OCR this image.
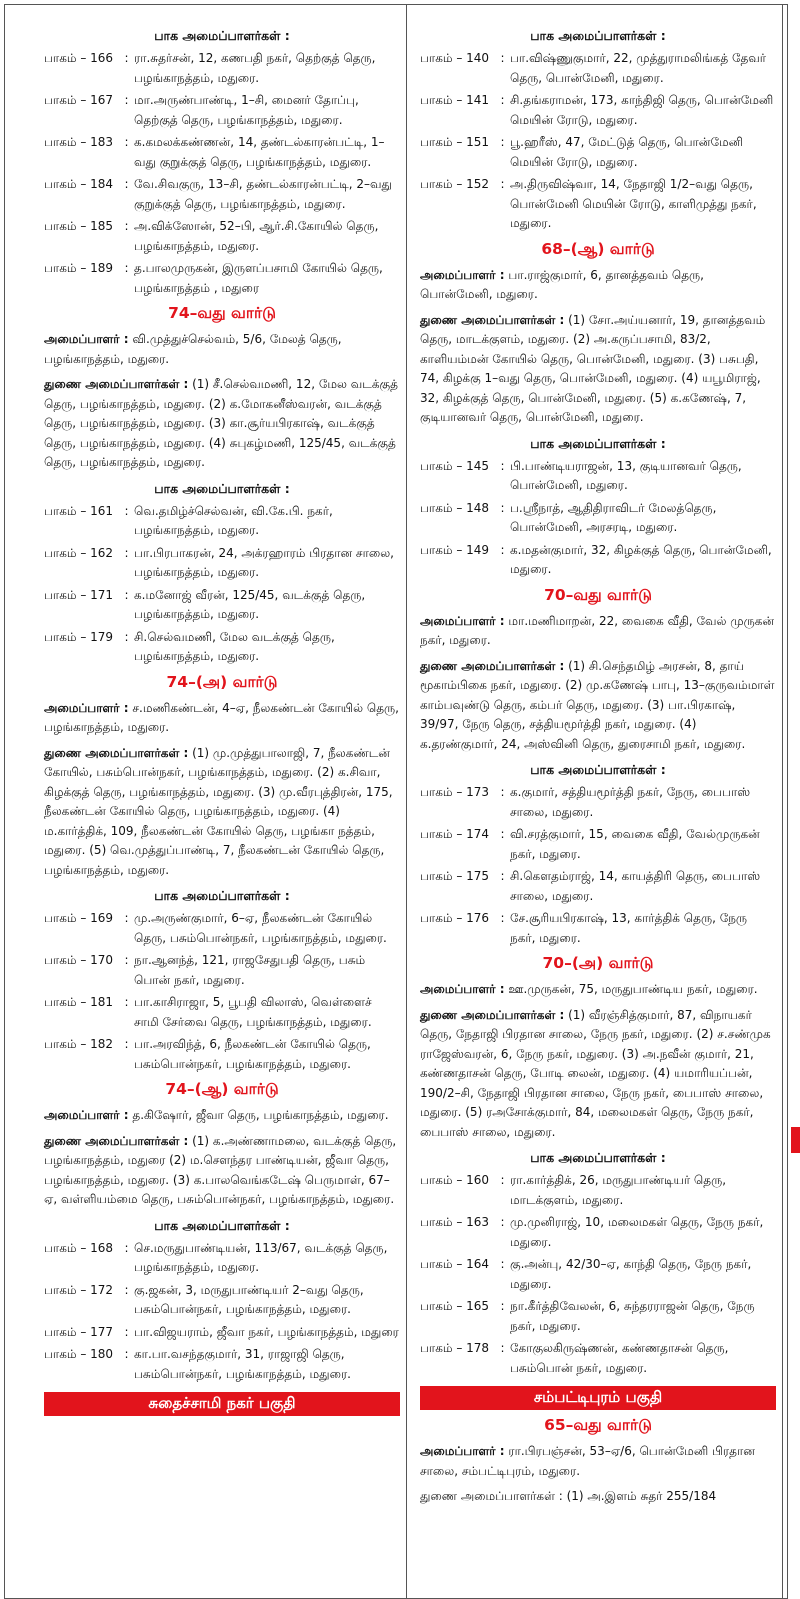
பாக அமைப்பாளர்கள் :
பாகம் – 166 : ரா.சுதர்சன், 12, கணபதி நகர், தெற்குத் தெரு, பழங்காநத்தம், மதுரை.
பாகம் – 167 : மா.அருண்பாண்டி, 1–சி, மைனர் தோப்பு, தெற்குத் தெரு, பழங்காநத்தம், மதுரை.
பாகம் – 183 : க.கமலக்கண்ணன், 14, தண்டல்காரன்பட்டி, 1–வது குறுக்குத் தெரு, பழங்காநத்தம், மதுரை.
பாகம் – 184 : வே.சிவகுரு, 13–சி, தண்டல்காரன்பட்டி, 2–வது குறுக்குத் தெரு, பழங்காநத்தம், மதுரை.
பாகம் – 185 : அ.விக்ஸோன், 52–பி, ஆர்.சி.கோயில் தெரு, பழங்காநத்தம், மதுரை.
பாகம் – 189 : த.பாலமுருகன், இருளப்பசாமி கோயில் தெரு, பழங்காநத்தம் , மதுரை
74–வது வார்டு
அமைப்பாளர் : வி.முத்துச்செல்வம், 5/6, மேலத் தெரு, பழங்காநத்தம், மதுரை.
துணை அமைப்பாளர்கள் : (1) சீ.செல்வமணி, 12, மேல வடக்குத் தெரு, பழங்காநத்தம், மதுரை. (2) க.மோகனீஸ்வரன், வடக்குத் தெரு, பழங்காநத்தம், மதுரை. (3) கா.சூர்யபிரகாஷ், வடக்குத் தெரு, பழங்காநத்தம், மதுரை. (4) சுபுகழ்மணி, 125/45, வடக்குத் தெரு, பழங்காநத்தம், மதுரை.
பாக அமைப்பாளர்கள் :
பாகம் – 161 : வெ.தமிழ்ச்செல்வன், வி.கே.பி. நகர், பழங்காநத்தம், மதுரை.
பாகம் – 162 : பா.பிரபாகரன், 24, அக்ரஹாரம் பிரதான சாலை, பழங்காநத்தம், மதுரை.
பாகம் – 171 : க.மனோஜ் வீரன், 125/45, வடக்குத் தெரு, பழங்காநத்தம், மதுரை.
பாகம் – 179 : சி.செல்வமணி, மேல வடக்குத் தெரு, பழங்காநத்தம், மதுரை.
74–(அ) வார்டு
அமைப்பாளர் : ச.மணிகண்டன், 4–ஏ, நீலகண்டன் கோயில் தெரு, பழங்காநத்தம், மதுரை.
துணை அமைப்பாளர்கள் : (1) மு.முத்துபாலாஜி, 7, நீலகண்டன் கோயில், பசும்பொன்நகர், பழங்காநத்தம், மதுரை. (2) க.சிவா, கிழக்குத் தெரு, பழங்காநத்தம், மதுரை. (3) மு.வீரபுத்திரன், 175, நீலகண்டன் கோயில் தெரு, பழங்காநத்தம், மதுரை. (4) ம.கார்த்திக், 109, நீலகண்டன் கோயில் தெரு, பழங்கா நத்தம், மதுரை. (5) வெ.முத்துப்பாண்டி, 7, நீலகண்டன் கோயில் தெரு, பழங்காநத்தம், மதுரை.
பாக அமைப்பாளர்கள் :
பாகம் – 169 : மு.அருண்குமார், 6–ஏ, நீலகண்டன் கோயில் தெரு, பசும்பொன்நகர், பழங்காநத்தம், மதுரை.
பாகம் – 170 : நா.ஆனந்த், 121, ராஜசேதுபதி தெரு, பசும் பொன் நகர், மதுரை.
பாகம் – 181 : பா.காசிராஜா, 5, பூபதி விலாஸ், வெள்ளைச் சாமி சேர்வை தெரு, பழங்காநத்தம், மதுரை.
பாகம் – 182 : பா.அரவிந்த், 6, நீலகண்டன் கோயில் தெரு, பசும்பொன்நகர், பழங்காநத்தம், மதுரை.
74–(ஆ) வார்டு
அமைப்பாளர் : த.கிஷோர், ஜீவா தெரு, பழங்காநத்தம், மதுரை.
துணை அமைப்பாளர்கள் : (1) க.அண்ணாமலை, வடக்குத் தெரு, பழங்காநத்தம், மதுரை (2) ம.சௌந்தர பாண்டியன், ஜீவா தெரு, பழங்காநத்தம், மதுரை. (3) க.பாலவெங்கடேஷ் பெருமாள், 67–ஏ, வள்ளியம்மை தெரு, பசும்பொன்நகர், பழங்காநத்தம், மதுரை.
பாக அமைப்பாளர்கள் :
பாகம் – 168 : செ.மருதுபாண்டியன், 113/67, வடக்குத் தெரு, பழங்காநத்தம், மதுரை.
பாகம் – 172 : கு.ஜகன், 3, மருதுபாண்டியர் 2–வது தெரு, பசும்பொன்நகர், பழங்காநத்தம், மதுரை.
பாகம் – 177 : பா.விஜயராம், ஜீவா நகர், பழங்காநத்தம், மதுரை
பாகம் – 180 : கா.பா.வசந்தகுமார், 31, ராஜாஜி தெரு, பசும்பொன்நகர், பழங்காநத்தம், மதுரை.
சுதைச்சாமி நகர் பகுதி
பாக அமைப்பாளர்கள் :
பாகம் – 140 : பா.விஷ்ணுகுமார், 22, முத்துராமலிங்கத் தேவர் தெரு, பொன்மேனி, மதுரை.
பாகம் – 141 : சி.தங்கராமன், 173, காந்திஜி தெரு, பொன்மேனி மெயின் ரோடு, மதுரை.
பாகம் – 151 : பூ.ஹரீஸ், 47, மேட்டுத் தெரு, பொன்மேனி மெயின் ரோடு, மதுரை.
பாகம் – 152 : அ.திருவிஷ்வா, 14, நேதாஜி 1/2–வது தெரு, பொன்மேனி மெயின் ரோடு, காளிமுத்து நகர், மதுரை.
68–(ஆ) வார்டு
அமைப்பாளர் : பா.ராஜ்குமார், 6, தானத்தவம் தெரு, பொன்மேனி, மதுரை.
துணை அமைப்பாளர்கள் : (1) சோ.அய்யனார், 19, தானத்தவம் தெரு, மாடக்குளம், மதுரை. (2) அ.கருப்பசாமி, 83/2, காளியம்மன் கோயில் தெரு, பொன்மேனி, மதுரை. (3) பசுபதி, 74, கிழக்கு 1–வது தெரு, பொன்மேனி, மதுரை. (4) யபூமிராஜ், 32, கிழக்குத் தெரு, பொன்மேனி, மதுரை. (5) க.கணேஷ், 7, குடியானவர் தெரு, பொன்மேனி, மதுரை.
பாக அமைப்பாளர்கள் :
பாகம் – 145 : பி.பாண்டியராஜன், 13, குடியானவர் தெரு, பொன்மேனி, மதுரை.
பாகம் – 148 : ப.ஸ்ரீநாத், ஆதிதிராவிடர் மேலத்தெரு, பொன்மேனி, அரசரடி, மதுரை.
பாகம் – 149 : க.மதன்குமார், 32, கிழக்குத் தெரு, பொன்மேனி, மதுரை.
70–வது வார்டு
அமைப்பாளர் : மா.மணிமாறன், 22, வைகை வீதி, வேல் முருகன் நகர், மதுரை.
துணை அமைப்பாளர்கள் : (1) சி.செந்தமிழ் அரசன், 8, தாய் மூகாம்பிகை நகர், மதுரை. (2) மு.கணேஷ் பாபு, 13–குருவம்மாள் காம்பவுண்டு தெரு, கம்பர் தெரு, மதுரை. (3) பா.பிரகாஷ், 39/97, நேரு தெரு, சத்தியமூர்த்தி நகர், மதுரை. (4) க.தரண்குமார், 24, அஸ்வினி தெரு, துரைசாமி நகர், மதுரை.
பாக அமைப்பாளர்கள் :
பாகம் – 173 : க.குமார், சத்தியமூர்த்தி நகர், நேரு, பைபாஸ் சாலை, மதுரை.
பாகம் – 174 : வி.சரத்குமார், 15, வைகை வீதி, வேல்முருகன் நகர், மதுரை.
பாகம் – 175 : சி.கௌதம்ராஜ், 14, காயத்திரி தெரு, பைபாஸ் சாலை, மதுரை.
பாகம் – 176 : சே.சூரியபிரகாஷ், 13, கார்த்திக் தெரு, நேரு நகர், மதுரை.
70–(அ) வார்டு
அமைப்பாளர் : ஊ.முருகன், 75, மருதுபாண்டிய நகர், மதுரை.
துணை அமைப்பாளர்கள் : (1) வீரஞ்சித்குமார், 87, விநாயகர் தெரு, நேதாஜி பிரதான சாலை, நேரு நகர், மதுரை. (2) ச.சண்முக ராஜேஸ்வரன், 6, நேரு நகர், மதுரை. (3) அ.நவீன் குமார், 21, கண்ணதாசன் தெரு, போடி லைன், மதுரை. (4) யமாரியப்பன், 190/2–சி, நேதாஜி பிரதான சாலை, நேரு நகர், பைபாஸ் சாலை, மதுரை. (5) ரஅசோக்குமார், 84, மலைமகள் தெரு, நேரு நகர், பைபாஸ் சாலை, மதுரை.
பாக அமைப்பாளர்கள் :
பாகம் – 160 : ரா.கார்த்திக், 26, மருதுபாண்டியர் தெரு, மாடக்குளம், மதுரை.
பாகம் – 163 : மு.முனிராஜ், 10, மலைமகள் தெரு, நேரு நகர், மதுரை.
பாகம் – 164 : கு.அன்பு, 42/30–ஏ, காந்தி தெரு, நேரு நகர், மதுரை.
பாகம் – 165 : நா.கீர்த்திவேலன், 6, சுந்தரராஜன் தெரு, நேரு நகர், மதுரை.
பாகம் – 178 : கோகுலகிருஷ்ணன், கண்ணதாசன் தெரு, பசும்பொன் நகர், மதுரை.
சம்பட்டிபுரம் பகுதி
65–வது வார்டு
அமைப்பாளர் : ரா.பிரபஞ்சன், 53–ஏ/6, பொன்மேனி பிரதான சாலை, சம்பட்டிபுரம், மதுரை.
துணை அமைப்பாளர்கள் : (1) அ.இளம் சுதர் 255/184
